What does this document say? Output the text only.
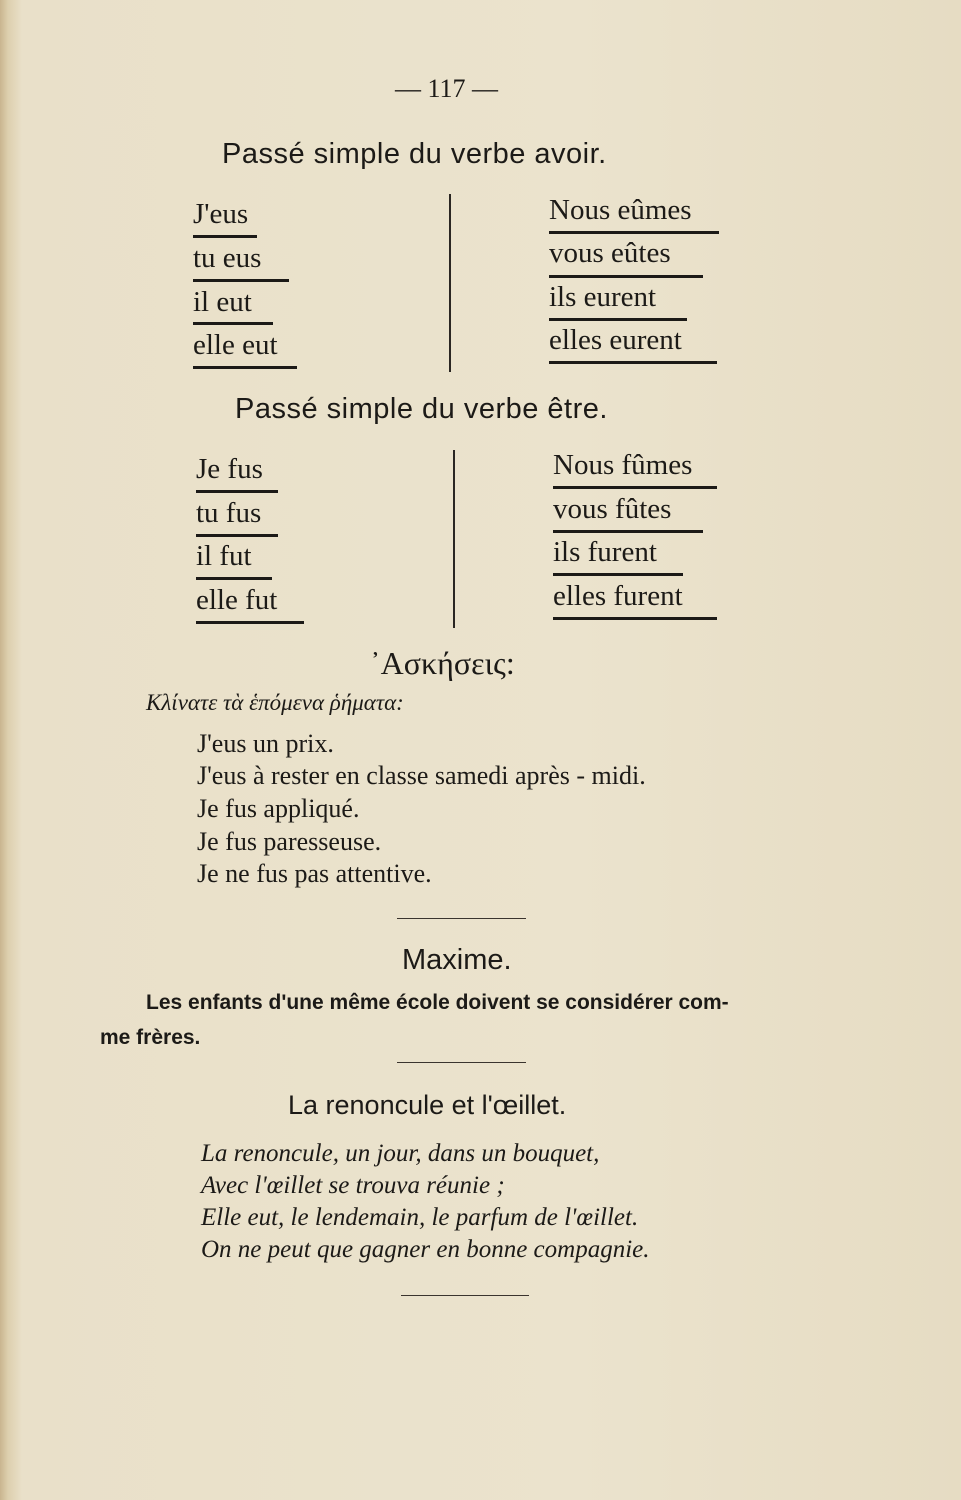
— 117 —
Passé simple du verbe avoir.
J'eus
tu eus
il eut
elle eut
Nous eûmes
vous eûtes
ils eurent
elles eurent
Passé simple du verbe être.
Je fus
tu fus
il fut
elle fut
Nous fûmes
vous fûtes
ils furent
elles furent
᾿Ασκήσεις:
Κλίνατε τὰ ἑπόμενα ῥήματα:
J'eus un prix.
J'eus à rester en classe samedi après - midi.
Je fus appliqué.
Je fus paresseuse.
Je ne fus pas attentive.
Maxime.
Les enfants d'une même école doivent se considérer com-
me frères.
La renoncule et l'œillet.
La renoncule, un jour, dans un bouquet,
Avec l'œillet se trouva réunie ;
Elle eut, le lendemain, le parfum de l'œillet.
On ne peut que gagner en bonne compagnie.
